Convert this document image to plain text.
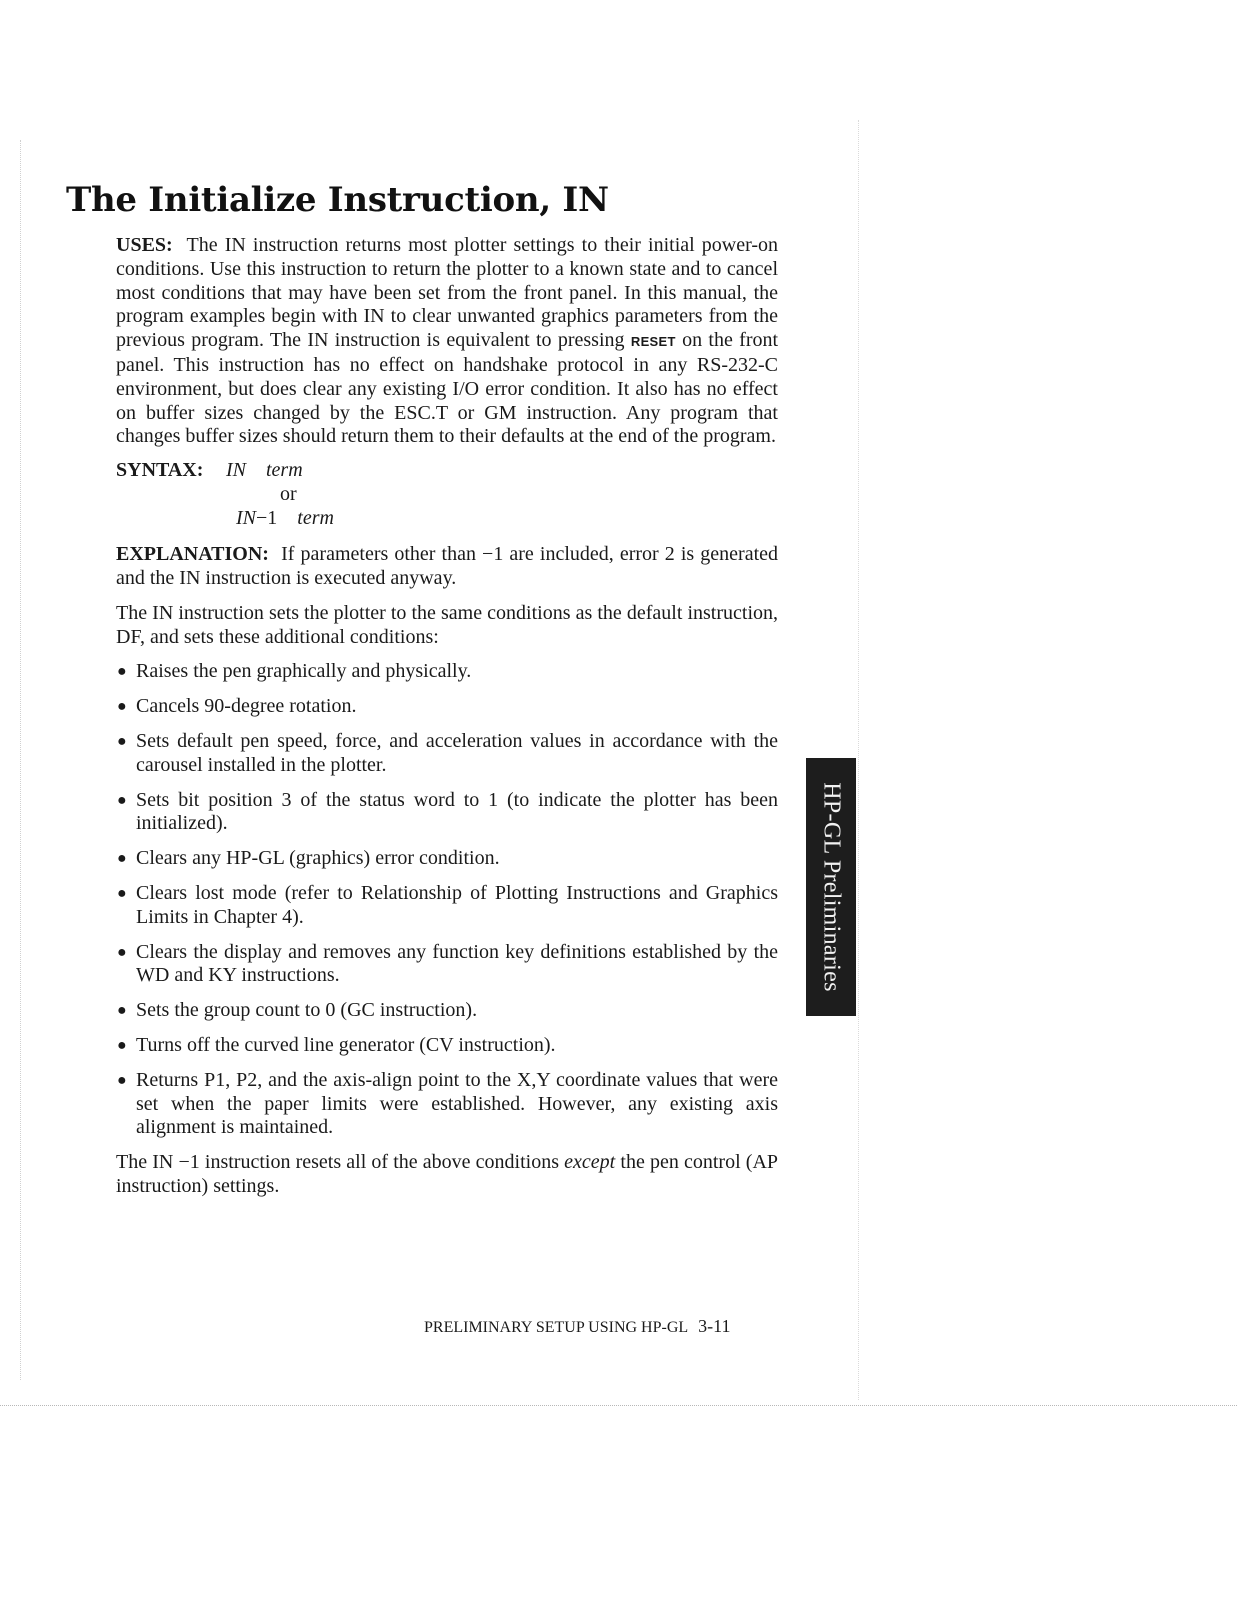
The Initialize Instruction, IN

USES: The IN instruction returns most plotter settings to their initial power-on conditions. Use this instruction to return the plotter to a known state and to cancel most conditions that may have been set from the front panel. In this manual, the program examples begin with IN to clear unwanted graphics parameters from the previous program. The IN instruction is equivalent to pressing RESET on the front panel. This instruction has no effect on handshake protocol in any RS-232-C environment, but does clear any existing I/O error condition. It also has no effect on buffer sizes changed by the ESC.T or GM instruction. Any program that changes buffer sizes should return them to their defaults at the end of the program.

SYNTAX: IN term
or
IN−1 term

EXPLANATION: If parameters other than −1 are included, error 2 is generated and the IN instruction is executed anyway.

The IN instruction sets the plotter to the same conditions as the default instruction, DF, and sets these additional conditions:

● Raises the pen graphically and physically.
● Cancels 90-degree rotation.
● Sets default pen speed, force, and acceleration values in accordance with the carousel installed in the plotter.
● Sets bit position 3 of the status word to 1 (to indicate the plotter has been initialized).
● Clears any HP-GL (graphics) error condition.
● Clears lost mode (refer to Relationship of Plotting Instructions and Graphics Limits in Chapter 4).
● Clears the display and removes any function key definitions established by the WD and KY instructions.
● Sets the group count to 0 (GC instruction).
● Turns off the curved line generator (CV instruction).
● Returns P1, P2, and the axis-align point to the X,Y coordinate values that were set when the paper limits were established. However, any existing axis alignment is maintained.

The IN −1 instruction resets all of the above conditions except the pen control (AP instruction) settings.

PRELIMINARY SETUP USING HP-GL 3-11
HP-GL Preliminaries
